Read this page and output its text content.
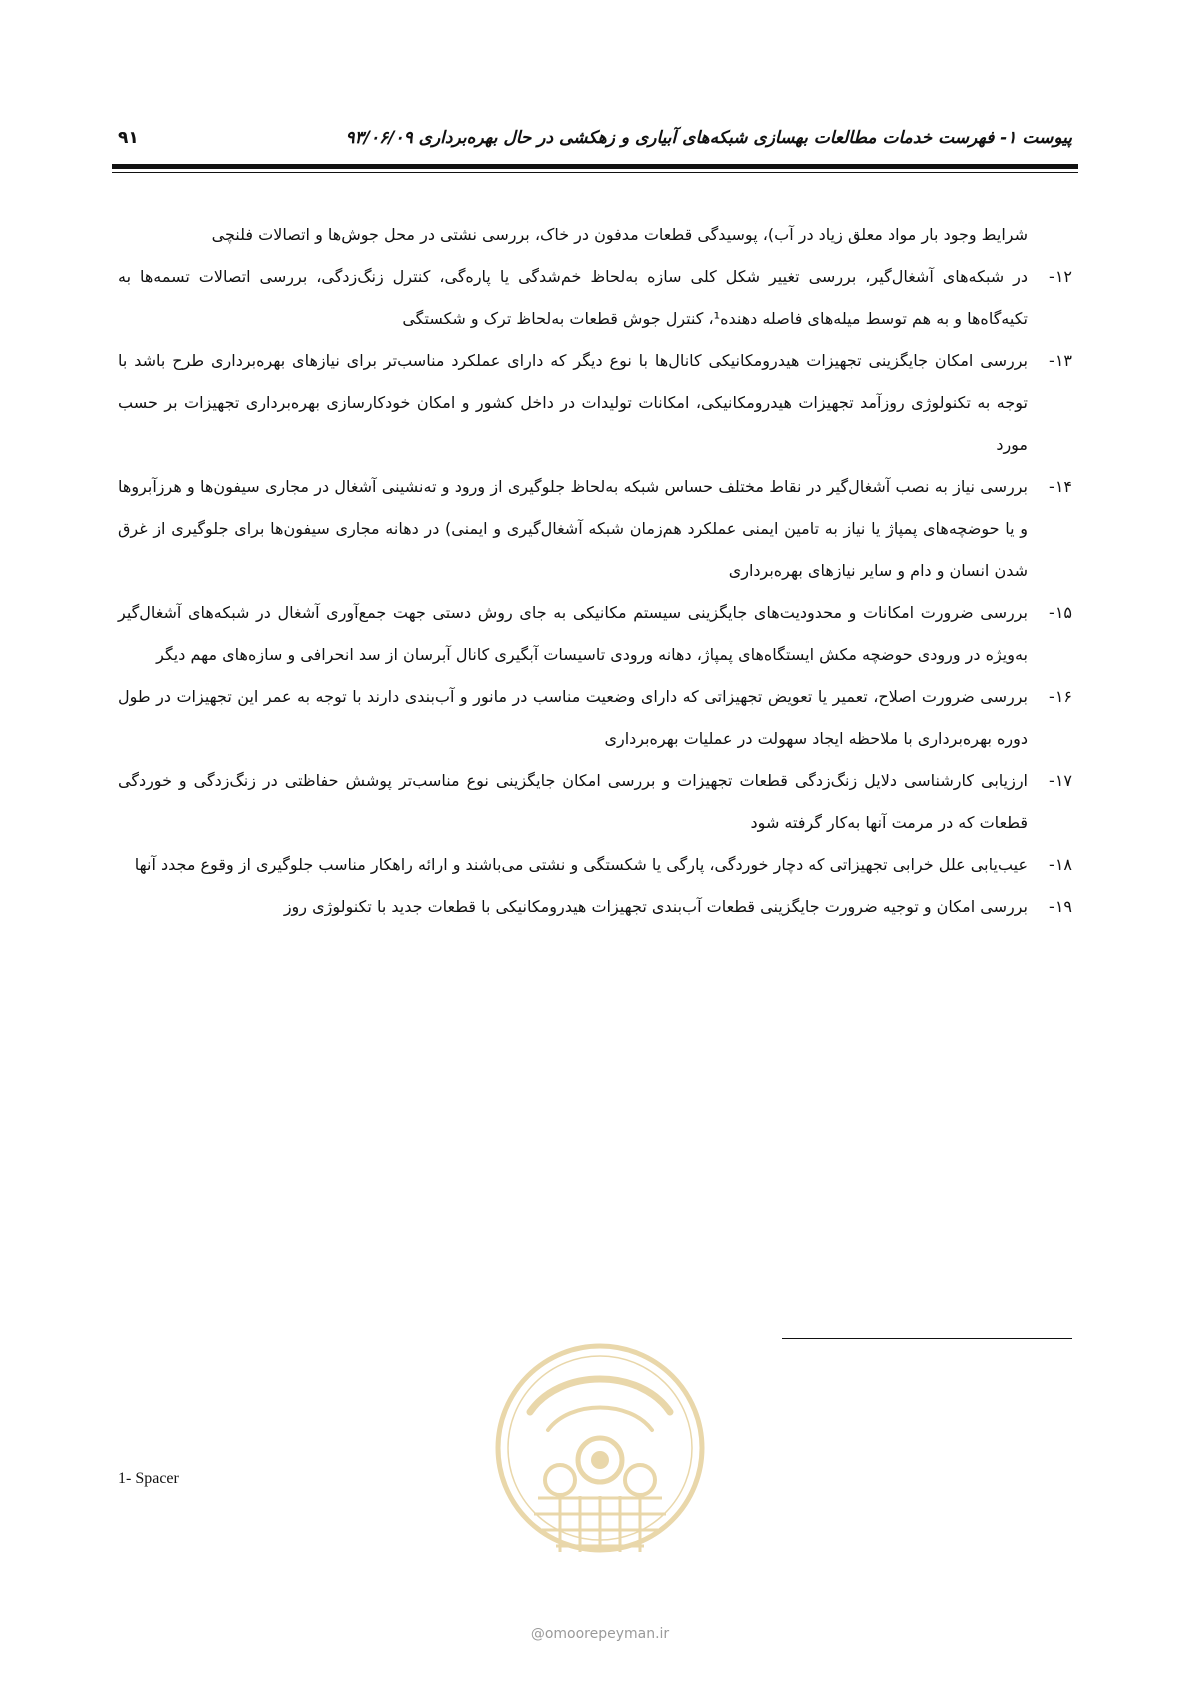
پیوست ۱- فهرست خدمات مطالعات بهسازی شبکه‌های آبیاری و زهکشی در حال بهره‌برداری ۹۳/۰۶/۰۹
۹۱

شرایط وجود بار مواد معلق زیاد در آب)، پوسیدگی قطعات مدفون در خاک، بررسی نشتی در محل جوش‌ها و اتصالات فلنچی

۱۲-
در شبکه‌های آشغال‌گیر، بررسی تغییر شکل کلی سازه به‌لحاظ خم‌شدگی یا پاره‌گی، کنترل زنگ‌زدگی، بررسی اتصالات تسمه‌ها به تکیه‌گاه‌ها و به هم توسط میله‌های فاصله دهنده¹، کنترل جوش قطعات به‌لحاظ ترک و شکستگی
۱۳-
بررسی امکان جایگزینی تجهیزات هیدرومکانیکی کانال‌ها با نوع دیگر که دارای عملکرد مناسب‌تر برای نیازهای بهره‌برداری طرح باشد با توجه به تکنولوژی روزآمد تجهیزات هیدرومکانیکی، امکانات تولیدات در داخل کشور و امکان خودکارسازی بهره‌برداری تجهیزات بر حسب مورد
۱۴-
بررسی نیاز به نصب آشغال‌گیر در نقاط مختلف حساس شبکه به‌لحاظ جلوگیری از ورود و ته‌نشینی آشغال در مجاری سیفون‌ها و هرزآبروها و یا حوضچه‌های پمپاژ یا نیاز به تامین ایمنی عملکرد هم‌زمان شبکه آشغال‌گیری و ایمنی) در دهانه مجاری سیفون‌ها برای جلوگیری از غرق شدن انسان و دام و سایر نیازهای بهره‌برداری
۱۵-
بررسی ضرورت امکانات و محدودیت‌های جایگزینی سیستم مکانیکی به جای روش دستی جهت جمع‌آوری آشغال در شبکه‌های آشغال‌گیر به‌ویژه در ورودی حوضچه مکش ایستگاه‌های پمپاژ، دهانه ورودی تاسیسات آبگیری کانال آبرسان از سد انحرافی و سازه‌های مهم دیگر
۱۶-
بررسی ضرورت اصلاح، تعمیر یا تعویض تجهیزاتی که دارای وضعیت مناسب در مانور و آب‌بندی دارند با توجه به عمر این تجهیزات در طول دوره بهره‌برداری با ملاحظه ایجاد سهولت در عملیات بهره‌برداری
۱۷-
ارزیابی کارشناسی دلایل زنگ‌زدگی قطعات تجهیزات و بررسی امکان جایگزینی نوع مناسب‌تر پوشش حفاظتی در زنگ‌زدگی و خوردگی قطعات که در مرمت آنها به‌کار گرفته شود
۱۸-
عیب‌یابی علل خرابی تجهیزاتی که دچار خوردگی، پارگی یا شکستگی و نشتی می‌باشند و ارائه راهکار مناسب جلوگیری از وقوع مجدد آنها
۱۹-
بررسی امکان و توجیه ضرورت جایگزینی قطعات آب‌بندی تجهیزات هیدرومکانیکی با قطعات جدید با تکنولوژی روز
1- Spacer
@omoorepeyman.ir
